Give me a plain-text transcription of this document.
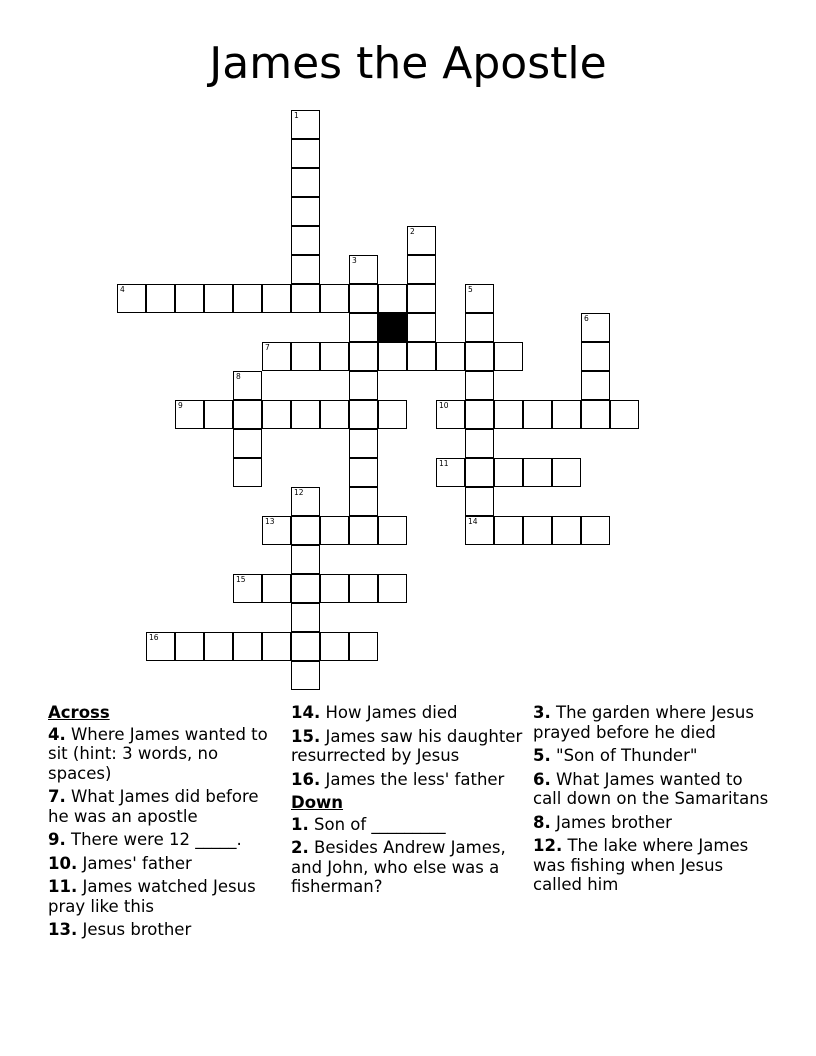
James the Apostle
1
2
3
4	5
14
6
7
8
9	10
11
12
13
15
16
Across
4. Where James wanted to sit (hint: 3 words, no spaces)
7. What James did before he was an apostle
9. There were 12 _____.
10. James' father
11. James watched Jesus pray like this
13. Jesus brother
14. How James died
15. James saw his daughter resurrected by Jesus
16. James the less' father
Down
1. Son of _________
2. Besides Andrew James, and John, who else was a fisherman?
3. The garden where Jesus prayed before he died
5. "Son of Thunder"
6. What James wanted to call down on the Samaritans
8. James brother
12. The lake where James was fishing when Jesus called him
